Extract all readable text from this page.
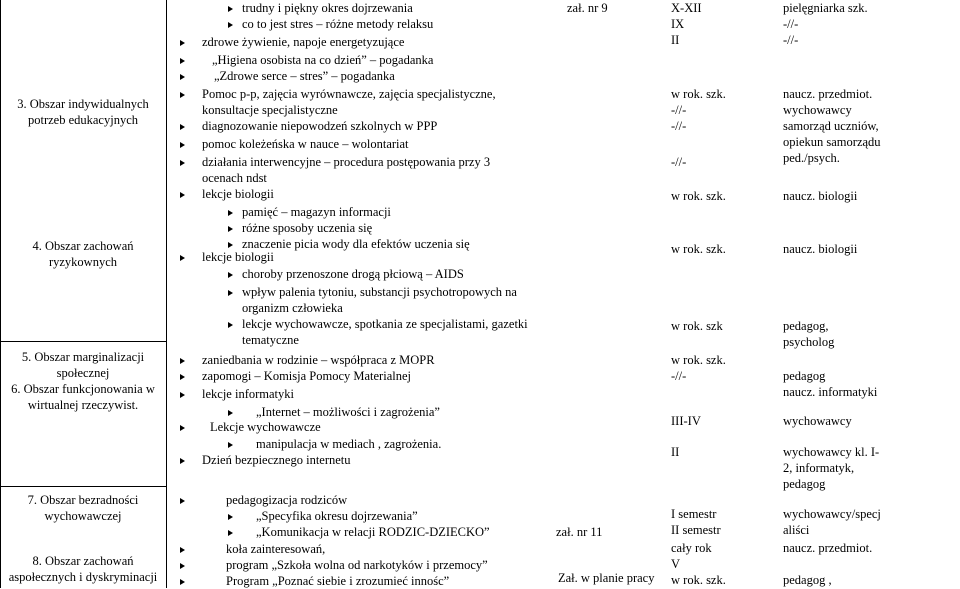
3. Obszar indywidualnych potrzeb edukacyjnych
4. Obszar zachowań ryzykownych
5. Obszar marginalizacji społecznej
6. Obszar funkcjonowania w wirtualnej rzeczywist.
7. Obszar bezradności wychowawczej
8. Obszar zachowań aspołecznych i dyskryminacji
trudny i piękny okres dojrzewania
co to jest stres – różne metody relaksu
zdrowe żywienie, napoje energetyzujące
„Higiena osobista na co dzień” – pogadanka
„Zdrowe serce – stres” – pogadanka
Pomoc p-p, zajęcia wyrównawcze, zajęcia specjalistyczne,
konsultacje specjalistyczne
diagnozowanie niepowodzeń szkolnych w PPP
pomoc koleżeńska w nauce – wolontariat
działania interwencyjne – procedura postępowania przy 3
ocenach ndst
lekcje biologii
pamięć – magazyn informacji
różne sposoby uczenia się
znaczenie picia wody dla efektów uczenia się
lekcje biologii
choroby przenoszone drogą płciową – AIDS
wpływ palenia tytoniu, substancji psychotropowych na
organizm człowieka
lekcje wychowawcze, spotkania ze specjalistami, gazetki
tematyczne
zaniedbania w rodzinie – współpraca z MOPR
zapomogi – Komisja Pomocy Materialnej
lekcje informatyki
„Internet – możliwości i zagrożenia”
Lekcje wychowawcze
manipulacja w mediach , zagrożenia.
Dzień bezpiecznego internetu
pedagogizacja rodziców
„Specyfika okresu dojrzewania”
„Komunikacja w relacji RODZIC-DZIECKO”
koła zainteresowań,
program „Szkoła wolna od narkotyków i przemocy”
Program „Poznać siebie i zrozumieć innośc”
zał. nr 9
zał. nr 11
Zał. w planie pracy
X-XII
IX
II
w rok. szk.
-//-
-//-
-//-
w rok. szk.
w rok. szk.
w rok. szk
w rok. szk.
-//-
III-IV
II
I semestr
II semestr
cały rok
V
w rok. szk.
pielęgniarka szk.
-//-
-//-
naucz. przedmiot.
wychowawcy
samorząd uczniów,
opiekun samorządu
ped./psych.
naucz. biologii
naucz. biologii
pedagog,
psycholog
pedagog
naucz. informatyki
wychowawcy
wychowawcy kl. I-
2, informatyk,
pedagog
wychowawcy/specj
aliści
naucz. przedmiot.
pedagog ,
